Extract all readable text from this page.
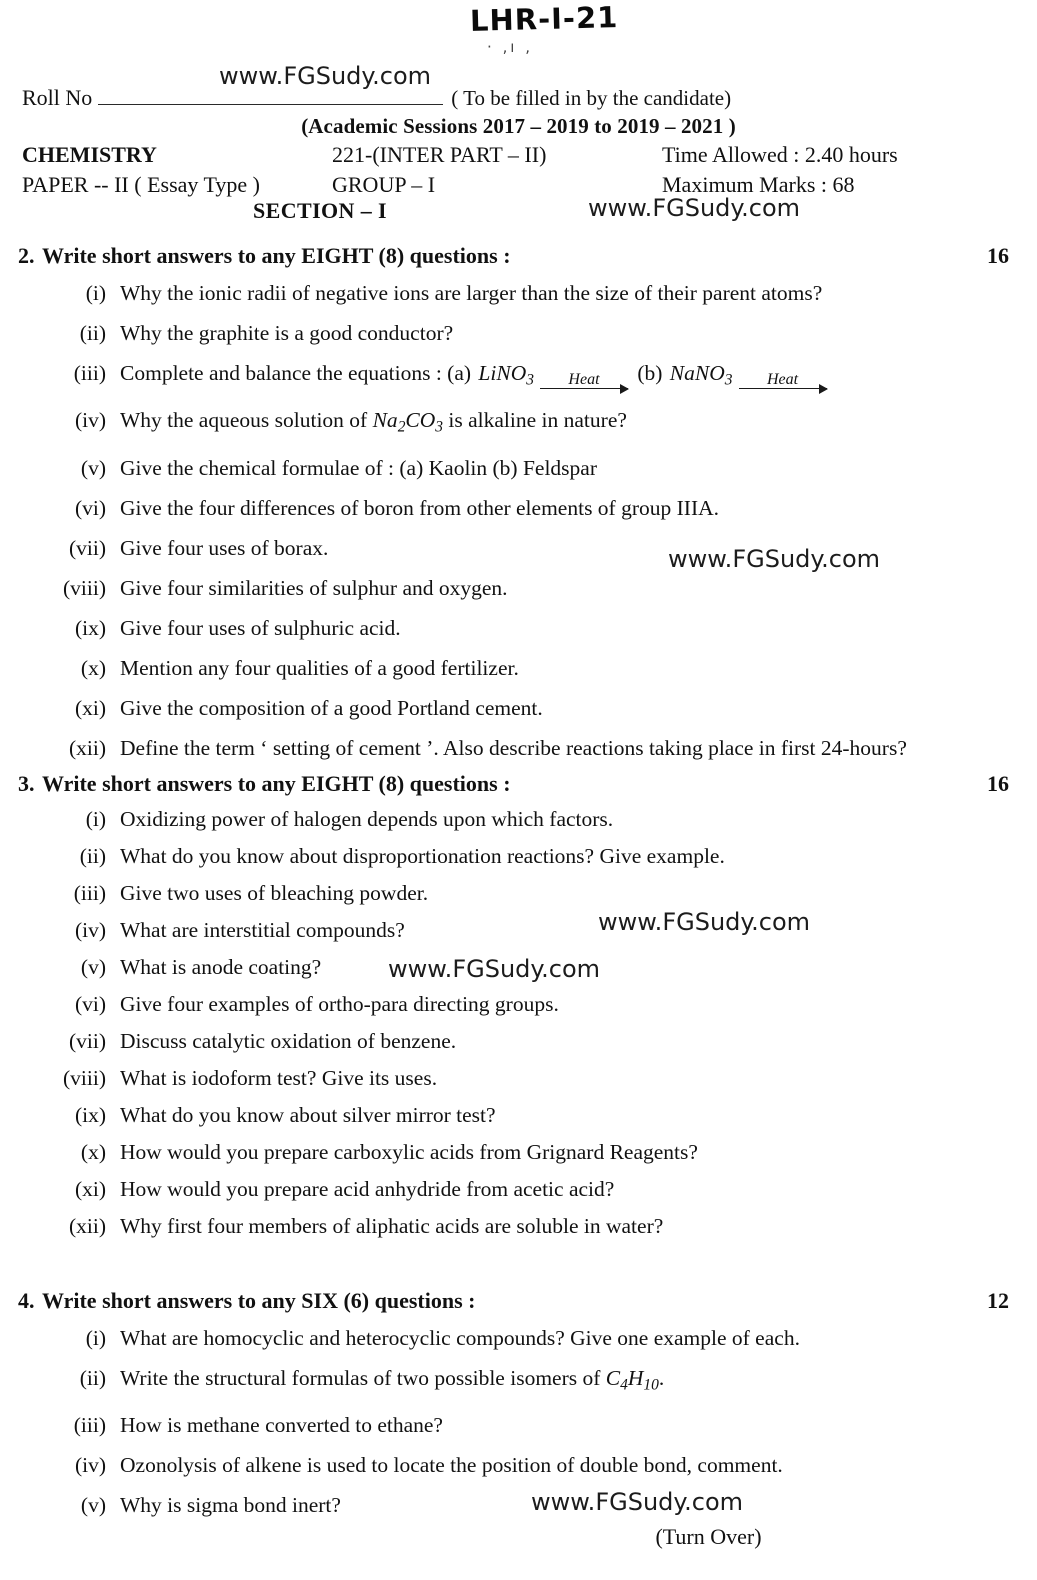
LHR-I-21
· ‚ı ,
www.FGSudy.com
www.FGSudy.com
www.FGSudy.com
www.FGSudy.com
www.FGSudy.com
www.FGSudy.com
Roll No	( To be filled in by the candidate)
(Academic Sessions 2017 – 2019 to 2019 – 2021 )
CHEMISTRY	221-(INTER PART – II)	Time Allowed : 2.40 hours
PAPER -- II ( Essay Type )	GROUP – I	Maximum Marks : 68
SECTION – I
2. Write short answers to any EIGHT (8) questions :	16
(i) Why the ionic radii of negative ions are larger than the size of their parent atoms?
(ii) Why the graphite is a good conductor?
(iii) Complete and balance the equations : (a) LiNO$_3$ Heat (b) NaNO$_3$ Heat
(iv) Why the aqueous solution of $Na_2CO_3$ is alkaline in nature?
(v) Give the chemical formulae of : (a) Kaolin (b) Feldspar
(vi) Give the four differences of boron from other elements of group IIIA.
(vii) Give four uses of borax.
(viii) Give four similarities of sulphur and oxygen.
(ix) Give four uses of sulphuric acid.
(x) Mention any four qualities of a good fertilizer.
(xi) Give the composition of a good Portland cement.
(xii) Define the term ‘ setting of cement ’. Also describe reactions taking place in first 24-hours?
3. Write short answers to any EIGHT (8) questions :	16
(i) Oxidizing power of halogen depends upon which factors.
(ii) What do you know about disproportionation reactions? Give example.
(iii) Give two uses of bleaching powder.
(iv) What are interstitial compounds?
(v) What is anode coating?
(vi) Give four examples of ortho-para directing groups.
(vii) Discuss catalytic oxidation of benzene.
(viii) What is iodoform test? Give its uses.
(ix) What do you know about silver mirror test?
(x) How would you prepare carboxylic acids from Grignard Reagents?
(xi) How would you prepare acid anhydride from acetic acid?
(xii) Why first four members of aliphatic acids are soluble in water?
4. Write short answers to any SIX (6) questions :	12
(i) What are homocyclic and heterocyclic compounds? Give one example of each.
(ii) Write the structural formulas of two possible isomers of $C_4H_{10}$.
(iii) How is methane converted to ethane?
(iv) Ozonolysis of alkene is used to locate the position of double bond, comment.
(v) Why is sigma bond inert?
(Turn Over)
